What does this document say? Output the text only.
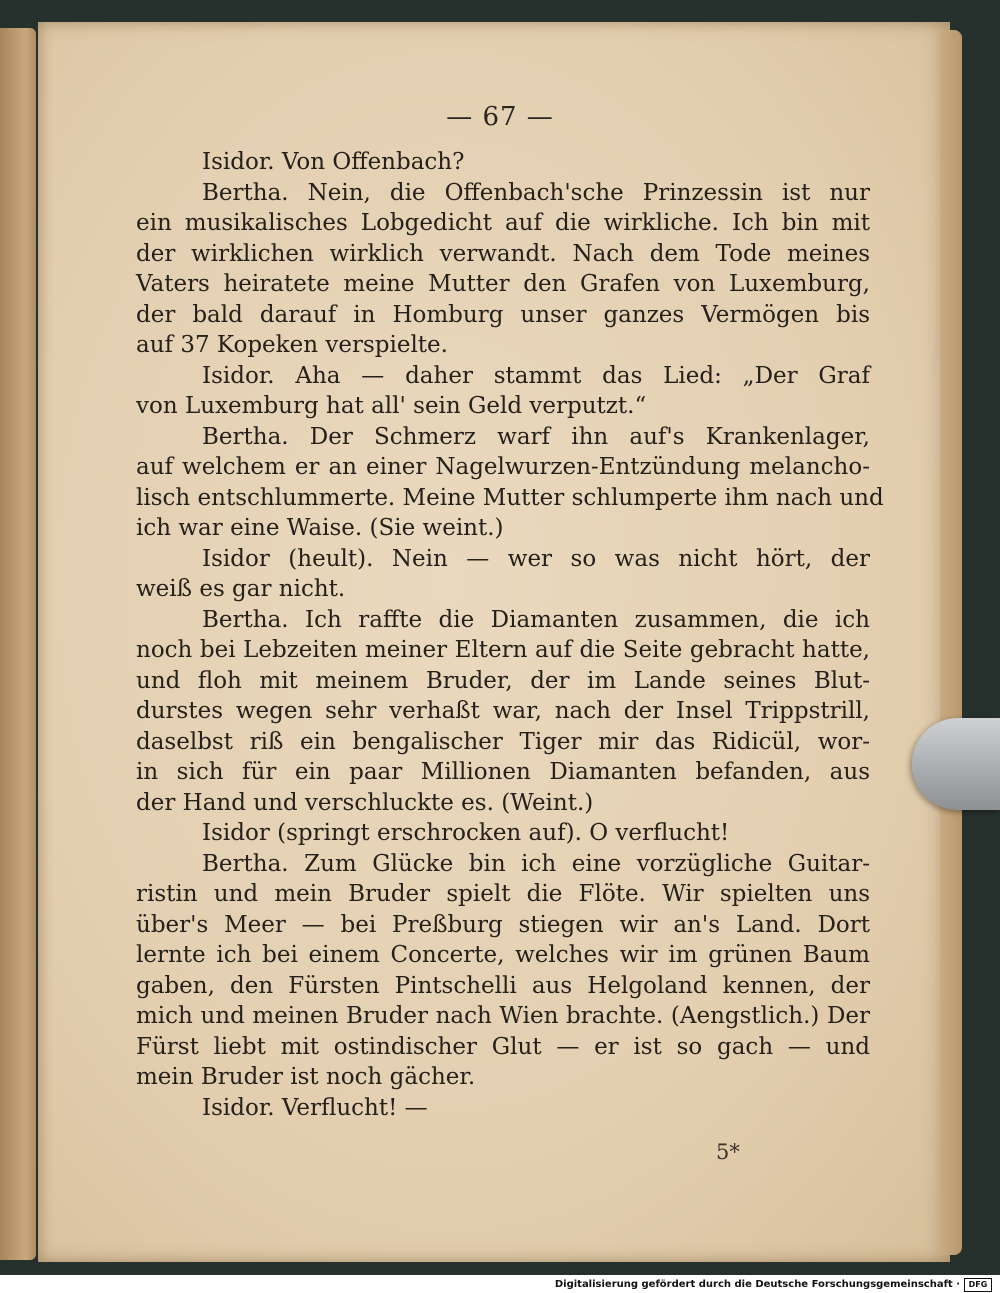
— 67 —
Isidor. Von Offenbach?
Bertha. Nein, die Offenbach'sche Prinzessin ist nur
ein musikalisches Lobgedicht auf die wirkliche. Ich bin mit
der wirklichen wirklich verwandt. Nach dem Tode meines
Vaters heiratete meine Mutter den Grafen von Luxemburg,
der bald darauf in Homburg unser ganzes Vermögen bis
auf 37 Kopeken verspielte.
Isidor. Aha — daher stammt das Lied: „Der Graf
von Luxemburg hat all' sein Geld verputzt.“
Bertha. Der Schmerz warf ihn auf's Krankenlager,
auf welchem er an einer Nagelwurzen-Entzündung melancho-
lisch entschlummerte. Meine Mutter schlumperte ihm nach und
ich war eine Waise. (Sie weint.)
Isidor (heult). Nein — wer so was nicht hört, der
weiß es gar nicht.
Bertha. Ich raffte die Diamanten zusammen, die ich
noch bei Lebzeiten meiner Eltern auf die Seite gebracht hatte,
und floh mit meinem Bruder, der im Lande seines Blut-
durstes wegen sehr verhaßt war, nach der Insel Trippstrill,
daselbst riß ein bengalischer Tiger mir das Ridicül, wor-
in sich für ein paar Millionen Diamanten befanden, aus
der Hand und verschluckte es. (Weint.)
Isidor (springt erschrocken auf). O verflucht!
Bertha. Zum Glücke bin ich eine vorzügliche Guitar-
ristin und mein Bruder spielt die Flöte. Wir spielten uns
über's Meer — bei Preßburg stiegen wir an's Land. Dort
lernte ich bei einem Concerte, welches wir im grünen Baum
gaben, den Fürsten Pintschelli aus Helgoland kennen, der
mich und meinen Bruder nach Wien brachte. (Aengstlich.) Der
Fürst liebt mit ostindischer Glut — er ist so gach — und
mein Bruder ist noch gächer.
Isidor. Verflucht! —
5*
Digitalisierung gefördert durch die Deutsche Forschungsgemeinschaft ·	DFG
